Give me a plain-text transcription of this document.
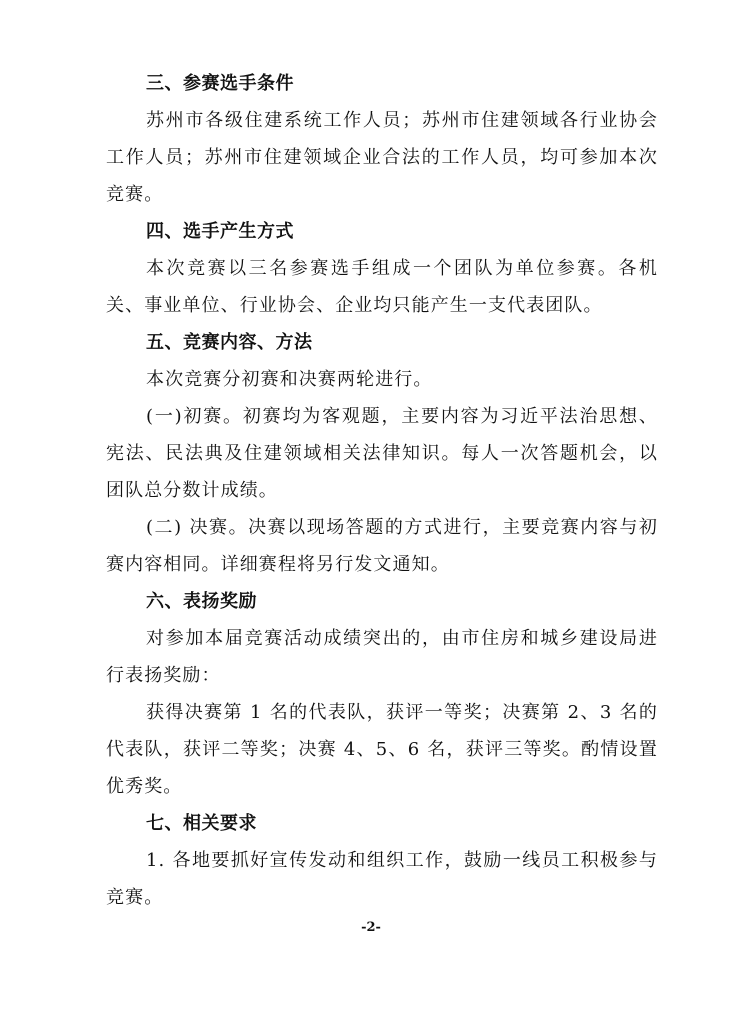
三、参赛选手条件

苏州市各级住建系统工作人员；苏州市住建领域各行业协会工作人员；苏州市住建领域企业合法的工作人员，均可参加本次竞赛。

四、选手产生方式

本次竞赛以三名参赛选手组成一个团队为单位参赛。各机关、事业单位、行业协会、企业均只能产生一支代表团队。

五、竞赛内容、方法

本次竞赛分初赛和决赛两轮进行。

(一)初赛。初赛均为客观题，主要内容为习近平法治思想、宪法、民法典及住建领域相关法律知识。每人一次答题机会，以团队总分数计成绩。

(二) 决赛。决赛以现场答题的方式进行，主要竞赛内容与初赛内容相同。详细赛程将另行发文通知。

六、表扬奖励

对参加本届竞赛活动成绩突出的，由市住房和城乡建设局进行表扬奖励：

获得决赛第 1 名的代表队，获评一等奖；决赛第 2、3 名的代表队，获评二等奖；决赛 4、5、6 名，获评三等奖。酌情设置优秀奖。

七、相关要求

1. 各地要抓好宣传发动和组织工作，鼓励一线员工积极参与竞赛。

-2-
